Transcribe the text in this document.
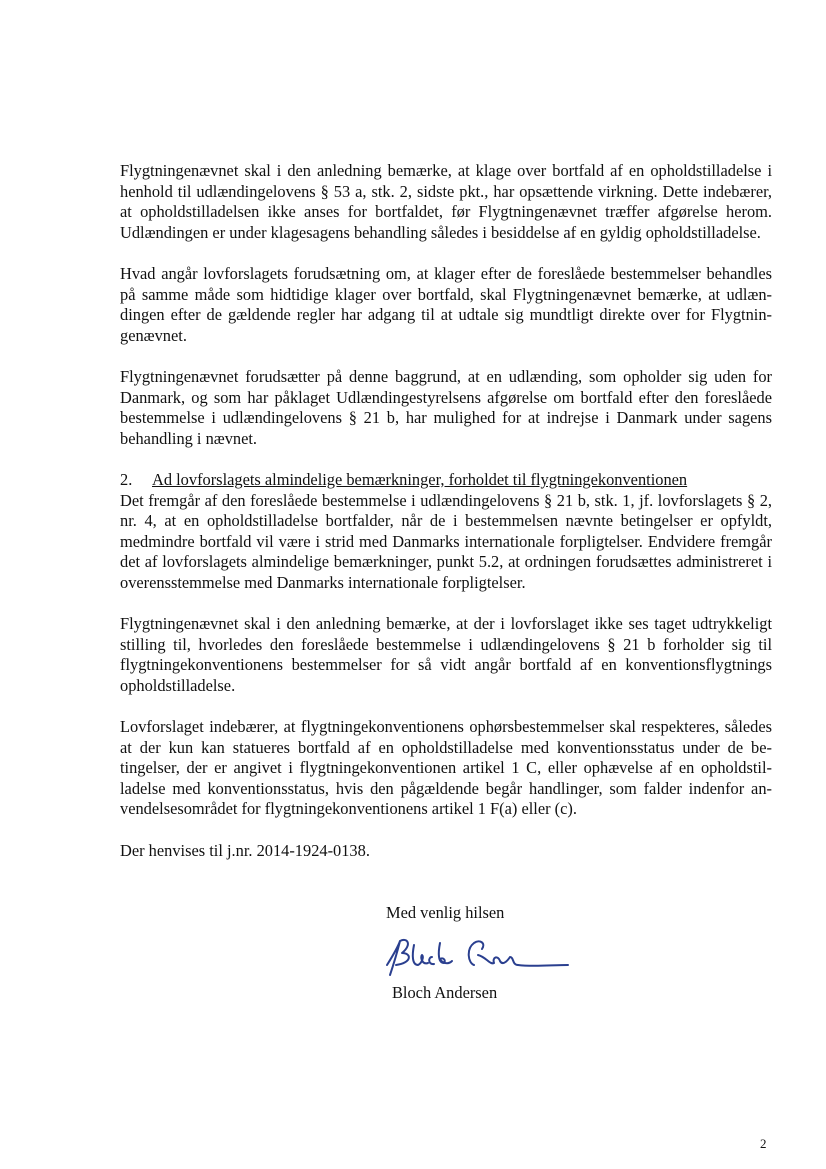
Flygtningenævnet skal i den anledning bemærke, at klage over bortfald af en opholdstilladelse i henhold til udlændingelovens § 53 a, stk. 2, sidste pkt., har opsættende virkning. Dette indebærer, at opholdstilladelsen ikke anses for bortfaldet, før Flygtningenævnet træffer afgørelse herom. Udlændingen er under klagesagens behandling således i besiddelse af en gyldig opholdstilladelse.

Hvad angår lovforslagets forudsætning om, at klager efter de foreslåede bestemmelser behandles på samme måde som hidtidige klager over bortfald, skal Flygtningenævnet bemærke, at udlændingen efter de gældende regler har adgang til at udtale sig mundtligt direkte over for Flygtningenævnet.

Flygtningenævnet forudsætter på denne baggrund, at en udlænding, som opholder sig uden for Danmark, og som har påklaget Udlændingestyrelsens afgørelse om bortfald efter den foreslåede bestemmelse i udlændingelovens § 21 b, har mulighed for at indrejse i Danmark under sagens behandling i nævnet.

2. Ad lovforslagets almindelige bemærkninger, forholdet til flygtningekonventionen

Det fremgår af den foreslåede bestemmelse i udlændingelovens § 21 b, stk. 1, jf. lovforslagets § 2, nr. 4, at en opholdstilladelse bortfalder, når de i bestemmelsen nævnte betingelser er opfyldt, medmindre bortfald vil være i strid med Danmarks internationale forpligtelser. Endvidere fremgår det af lovforslagets almindelige bemærkninger, punkt 5.2, at ordningen forudsættes administreret i overensstemmelse med Danmarks internationale forpligtelser.

Flygtningenævnet skal i den anledning bemærke, at der i lovforslaget ikke ses taget udtrykkeligt stilling til, hvorledes den foreslåede bestemmelse i udlændingelovens § 21 b forholder sig til flygtningekonventionens bestemmelser for så vidt angår bortfald af en konventionsflygtnings opholdstilladelse.

Lovforslaget indebærer, at flygtningekonventionens ophørsbestemmelser skal respekteres, således at der kun kan statueres bortfald af en opholdstilladelse med konventionsstatus under de betingelser, der er angivet i flygtningekonventionen artikel 1 C, eller ophævelse af en opholdstilladelse med konventionsstatus, hvis den pågældende begår handlinger, som falder indenfor anvendelsesområdet for flygtningekonventionens artikel 1 F(a) eller (c).

Der henvises til j.nr. 2014-1924-0138.

Med venlig hilsen
Bloch Andersen
2
